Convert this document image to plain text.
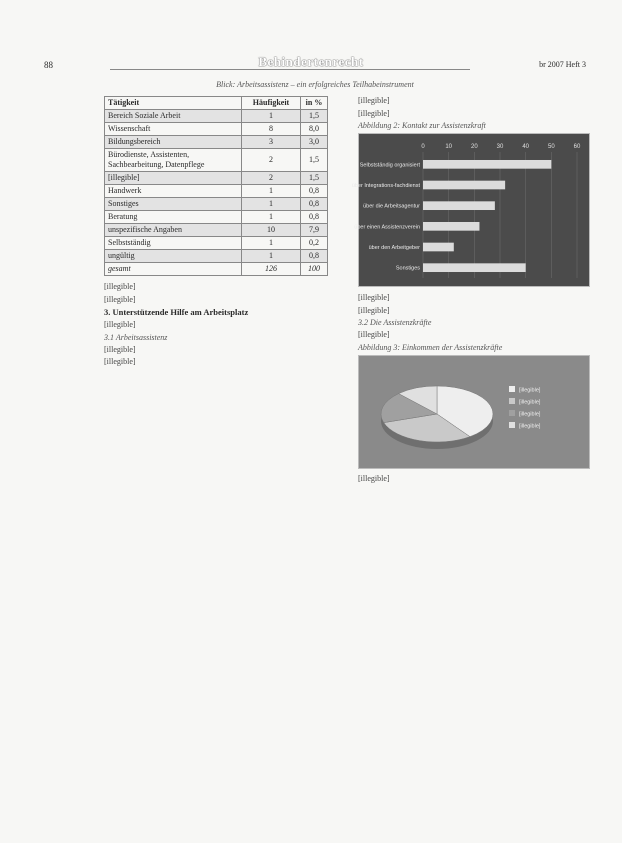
88	Behindertenrecht	br 2007 Heft 3
Blick: Arbeitsassistenz – ein erfolgreiches Teilhabeinstrument
Tätigkeit	Häufigkeit	in %
Bereich Soziale Arbeit	1	1,5
Wissenschaft	8	8,0
Bildungsbereich	3	3,0
Bürodienste, Assistenten, Sachbearbeitung, Datenpflege	2	1,5
[illegible]	2	1,5
Handwerk	1	0,8
Sonstiges	1	0,8
Beratung	1	0,8
unspezifische Angaben	10	7,9
Selbstständig	1	0,2
ungültig	1	0,8
gesamt	126	100

[illegible]

[illegible]

3. Unterstützende Hilfe am Arbeitsplatz

[illegible]

3.1 Arbeitsassistenz

[illegible]

[illegible]

[illegible]

[illegible]

Abbildung 2: Kontakt zur Assistenzkraft
0	10	20	30	40	50	60
Selbstständig organisiert
über Integrations-fachdienst
über die Arbeitsagentur
über einen Assistenzverein
über den Arbeitgeber
Sonstiges

[illegible]

[illegible]

3.2 Die Assistenzkräfte

[illegible]

Abbildung 3: Einkommen der Assistenzkräfte
[illegible]
[illegible]
[illegible]
[illegible]

[illegible]
